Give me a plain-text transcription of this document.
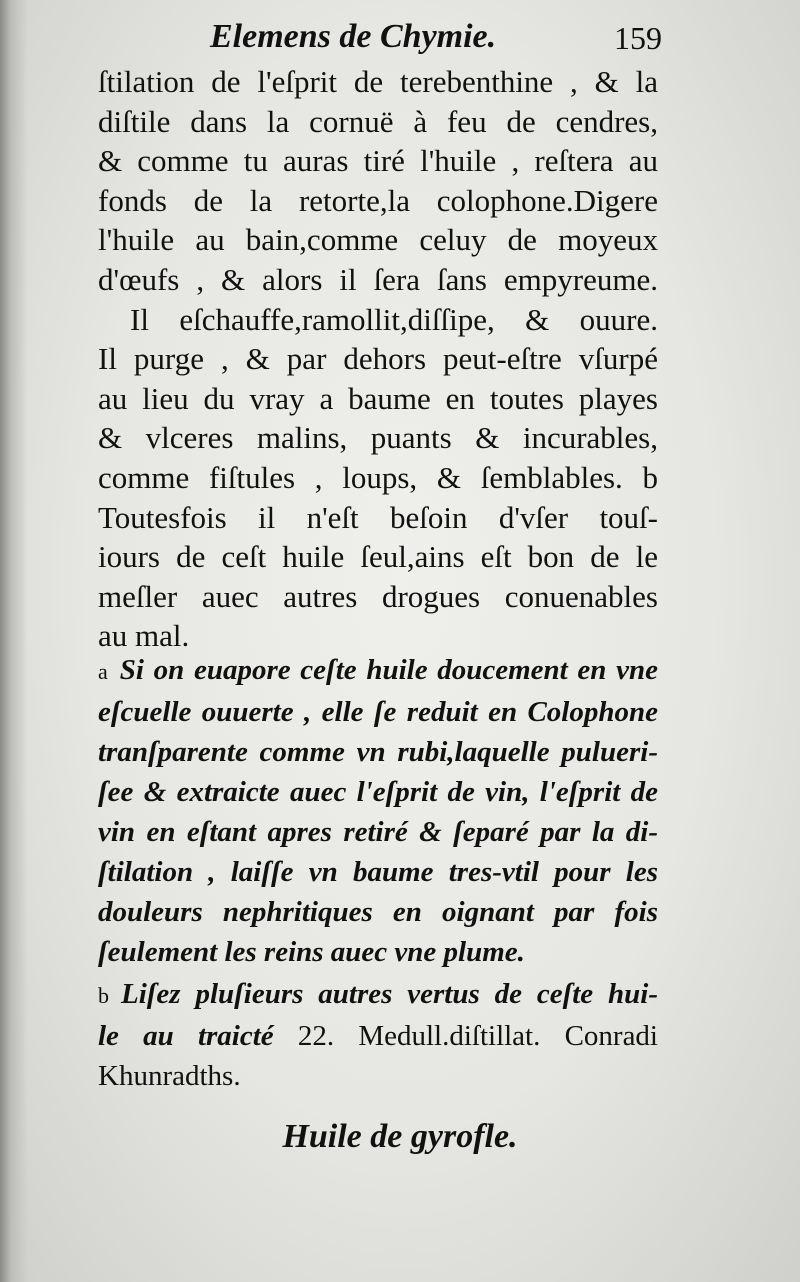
Elemens de Chymie.	159
ſtilation de l'eſprit de terebenthine , & la
diſtile dans la cornuë à feu de cendres,
& comme tu auras tiré l'huile , reſtera au
fonds de la retorte,la colophone.Digere
l'huile au bain,comme celuy de moyeux
d'œufs , & alors il ſera ſans empyreume.
Il eſchauffe,ramollit,diſſipe, & ouure.
Il purge , & par dehors peut-eſtre vſurpé
au lieu du vray a baume en toutes playes
& vlceres malins, puants & incurables,
comme fiſtules , loups, & ſemblables. b
Toutesfois il n'eſt beſoin d'vſer touſ-
iours de ceſt huile ſeul,ains eſt bon de le
meſler auec autres drogues conuenables
au mal.
a Si on euapore ceſte huile doucement en vne
eſcuelle ouuerte , elle ſe reduit en Colophone
tranſparente comme vn rubi,laquelle pulueri-
ſee & extraicte auec l'eſprit de vin, l'eſprit de
vin en eſtant apres retiré & ſeparé par la di-
ſtilation , laiſſe vn baume tres-vtil pour les
douleurs nephritiques en oignant par fois
ſeulement les reins auec vne plume.
b Liſez pluſieurs autres vertus de ceſte hui-
le au traicté 22. Medull.diſtillat. Conradi
Khunradths.
Huile de gyrofle.
